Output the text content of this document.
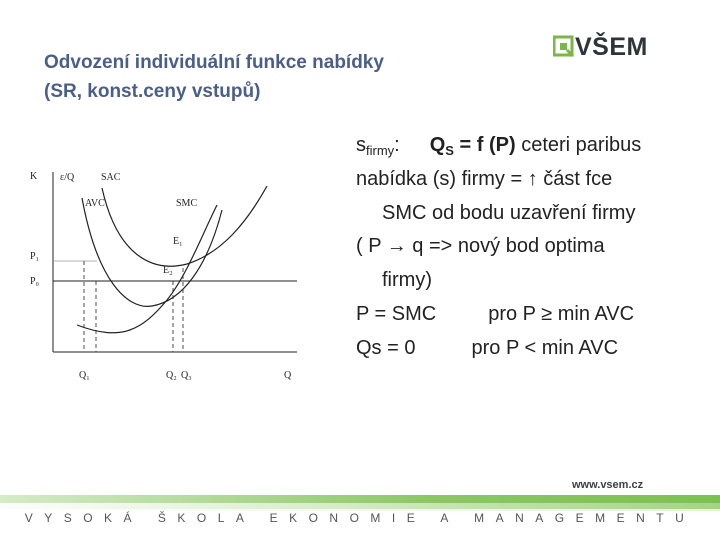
Odvození individuální funkce nabídky
(SR, konst.ceny vstupů)
VŠEM
K ε/Q
Q
P₁
P₀
SAC
AVC	SMC
E₁
E₂
Q₁	Q₂ Q₃
$s_{firmy}$: $Q_S = f$ (P) ceteri paribus
nabídka (s) firmy = ↑ část fce
SMC od bodu uzavření firmy
( P → q => nový bod optima
firmy)
P = SMC	pro P ≥ min AVC
Qs = 0	pro P < min AVC
www.vsem.cz
VYSOKÁ ŠKOLA EKONOMIE A MANAGEMENTU
